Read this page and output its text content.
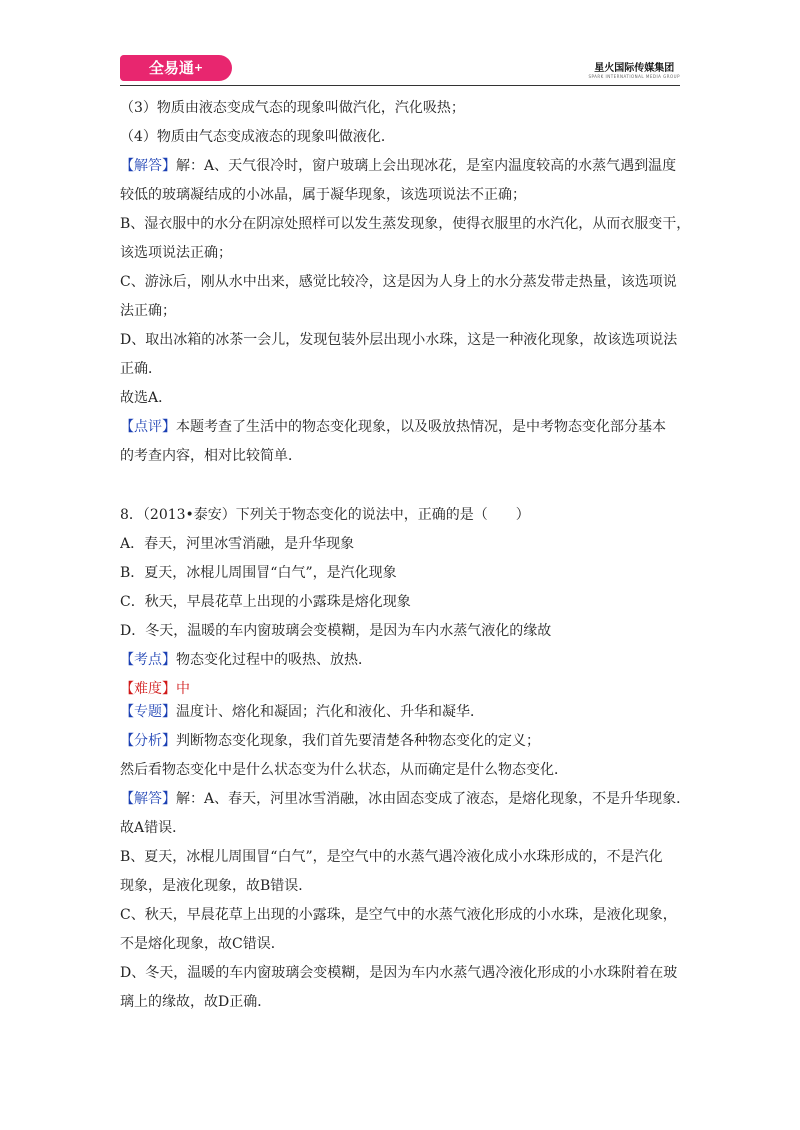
全易通+	星火国际传媒集团
SPARK INTERNATIONAL MEDIA GROUP
（3）物质由液态变成气态的现象叫做汽化，汽化吸热；
（4）物质由气态变成液态的现象叫做液化．
【解答】解：A、天气很冷时，窗户玻璃上会出现冰花，是室内温度较高的水蒸气遇到温度
较低的玻璃凝结成的小冰晶，属于凝华现象，该选项说法不正确；
B、湿衣服中的水分在阴凉处照样可以发生蒸发现象，使得衣服里的水汽化，从而衣服变干，
该选项说法正确；
C、游泳后，刚从水中出来，感觉比较冷，这是因为人身上的水分蒸发带走热量，该选项说
法正确；
D、取出冰箱的冰茶一会儿，发现包装外层出现小水珠，这是一种液化现象，故该选项说法
正确．
故选A．
【点评】本题考查了生活中的物态变化现象，以及吸放热情况，是中考物态变化部分基本
的考查内容，相对比较简单．
8．（2013•泰安）下列关于物态变化的说法中，正确的是（　　）
A．春天，河里冰雪消融，是升华现象
B．夏天，冰棍儿周围冒“白气”，是汽化现象
C．秋天，早晨花草上出现的小露珠是熔化现象
D．冬天，温暖的车内窗玻璃会变模糊，是因为车内水蒸气液化的缘故
【考点】物态变化过程中的吸热、放热．
【难度】中
【专题】温度计、熔化和凝固；汽化和液化、升华和凝华．
【分析】判断物态变化现象，我们首先要清楚各种物态变化的定义；
然后看物态变化中是什么状态变为什么状态，从而确定是什么物态变化．
【解答】解：A、春天，河里冰雪消融，冰由固态变成了液态，是熔化现象，不是升华现象．
故A错误．
B、夏天，冰棍儿周围冒“白气”，是空气中的水蒸气遇冷液化成小水珠形成的，不是汽化
现象，是液化现象，故B错误．
C、秋天，早晨花草上出现的小露珠，是空气中的水蒸气液化形成的小水珠，是液化现象，
不是熔化现象，故C错误．
D、冬天，温暖的车内窗玻璃会变模糊，是因为车内水蒸气遇冷液化形成的小水珠附着在玻
璃上的缘故，故D正确．
